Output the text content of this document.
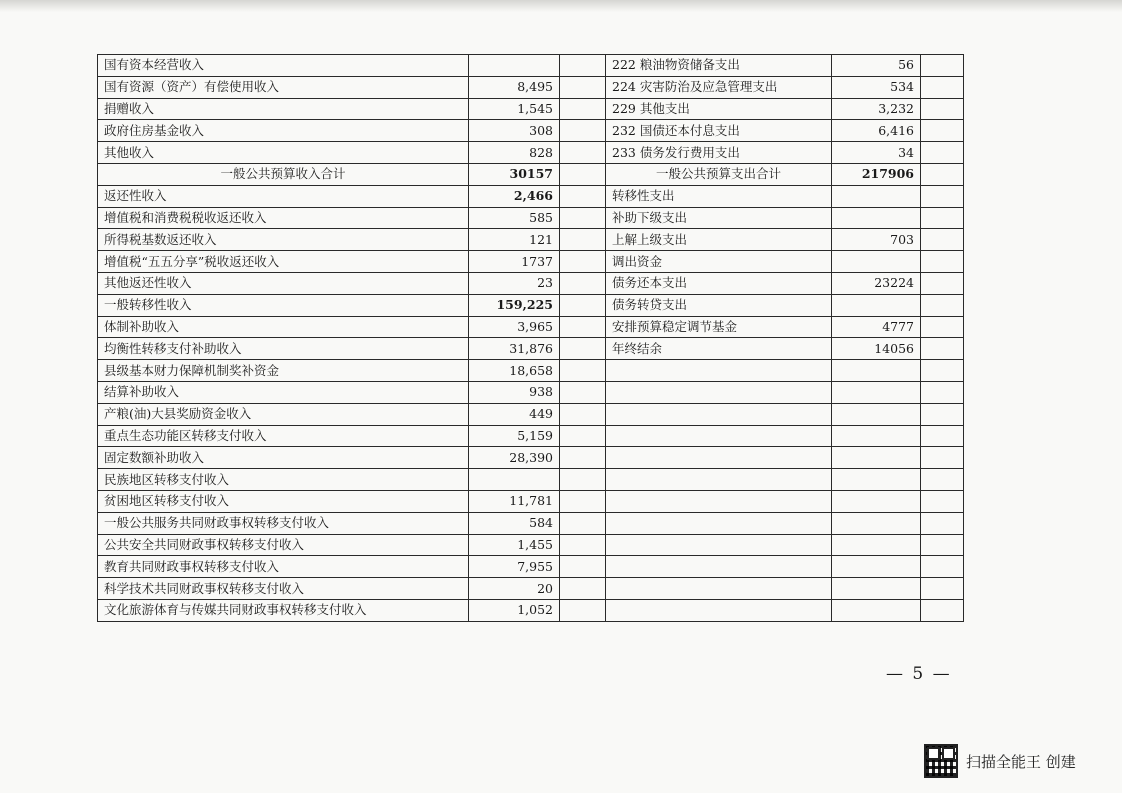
国有资本经营收入			222 粮油物资储备支出	56	
国有资源（资产）有偿使用收入	8,495		224 灾害防治及应急管理支出	534	
捐赠收入	1,545		229 其他支出	3,232	
政府住房基金收入	308		232 国债还本付息支出	6,416	
其他收入	828		233 债务发行费用支出	34	
一般公共预算收入合计	30157		一般公共预算支出合计	217906	
返还性收入	2,466		转移性支出		
增值税和消费税税收返还收入	585		补助下级支出		
所得税基数返还收入	121		上解上级支出	703	
增值税“五五分享”税收返还收入	1737		调出资金		
其他返还性收入	23		债务还本支出	23224	
一般转移性收入	159,225		债务转贷支出		
体制补助收入	3,965		安排预算稳定调节基金	4777	
均衡性转移支付补助收入	31,876		年终结余	14056	
县级基本财力保障机制奖补资金	18,658				
结算补助收入	938				
产粮(油)大县奖励资金收入	449				
重点生态功能区转移支付收入	5,159				
固定数额补助收入	28,390				
民族地区转移支付收入					
贫困地区转移支付收入	11,781				
一般公共服务共同财政事权转移支付收入	584				
公共安全共同财政事权转移支付收入	1,455				
教育共同财政事权转移支付收入	7,955				
科学技术共同财政事权转移支付收入	20				
文化旅游体育与传媒共同财政事权转移支付收入	1,052				
— 5 —
扫描全能王 创建
